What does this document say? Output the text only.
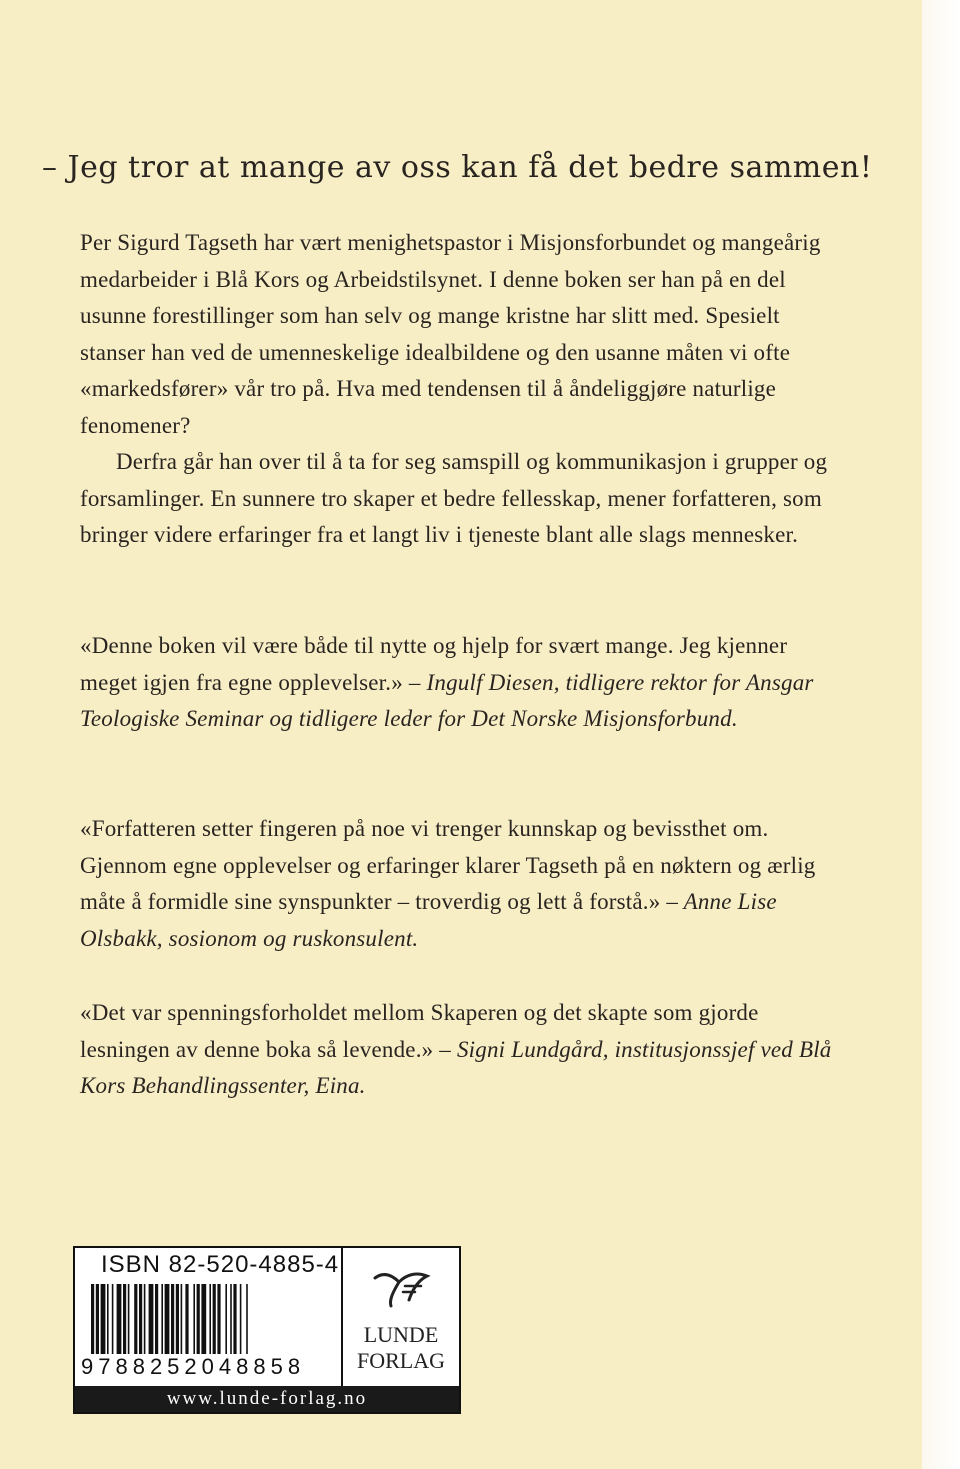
– Jeg tror at mange av oss kan få det bedre sammen!

Per Sigurd Tagseth har vært menighetspastor i Misjonsforbundet og mangeårig medarbeider i Blå Kors og Arbeidstilsynet. I denne boken ser han på en del usunne forestillinger som han selv og mange kristne har slitt med. Spesielt stanser han ved de umenneskelige idealbildene og den usanne måten vi ofte «markedsfører» vår tro på. Hva med tendensen til å åndeliggjøre naturlige fenomener?

Derfra går han over til å ta for seg samspill og kommunikasjon i grupper og forsamlinger. En sunnere tro skaper et bedre fellesskap, mener forfatteren, som bringer videre erfaringer fra et langt liv i tjeneste blant alle slags mennesker.

«Denne boken vil være både til nytte og hjelp for svært mange. Jeg kjenner meget igjen fra egne opplevelser.» – Ingulf Diesen, tidligere rektor for Ansgar Teologiske Seminar og tidligere leder for Det Norske Misjonsforbund.

«Forfatteren setter fingeren på noe vi trenger kunnskap og bevissthet om. Gjennom egne opplevelser og erfaringer klarer Tagseth på en nøktern og ærlig måte å formidle sine synspunkter – troverdig og lett å forstå.» – Anne Lise Olsbakk, sosionom og ruskonsulent.

«Det var spenningsforholdet mellom Skaperen og det skapte som gjorde lesningen av denne boka så levende.» – Signi Lundgård, institusjonssjef ved Blå Kors Behandlingssenter, Eina.

ISBN 82-520-4885-4
9788252048858
LUNDE
FORLAG
www.lunde-forlag.no
